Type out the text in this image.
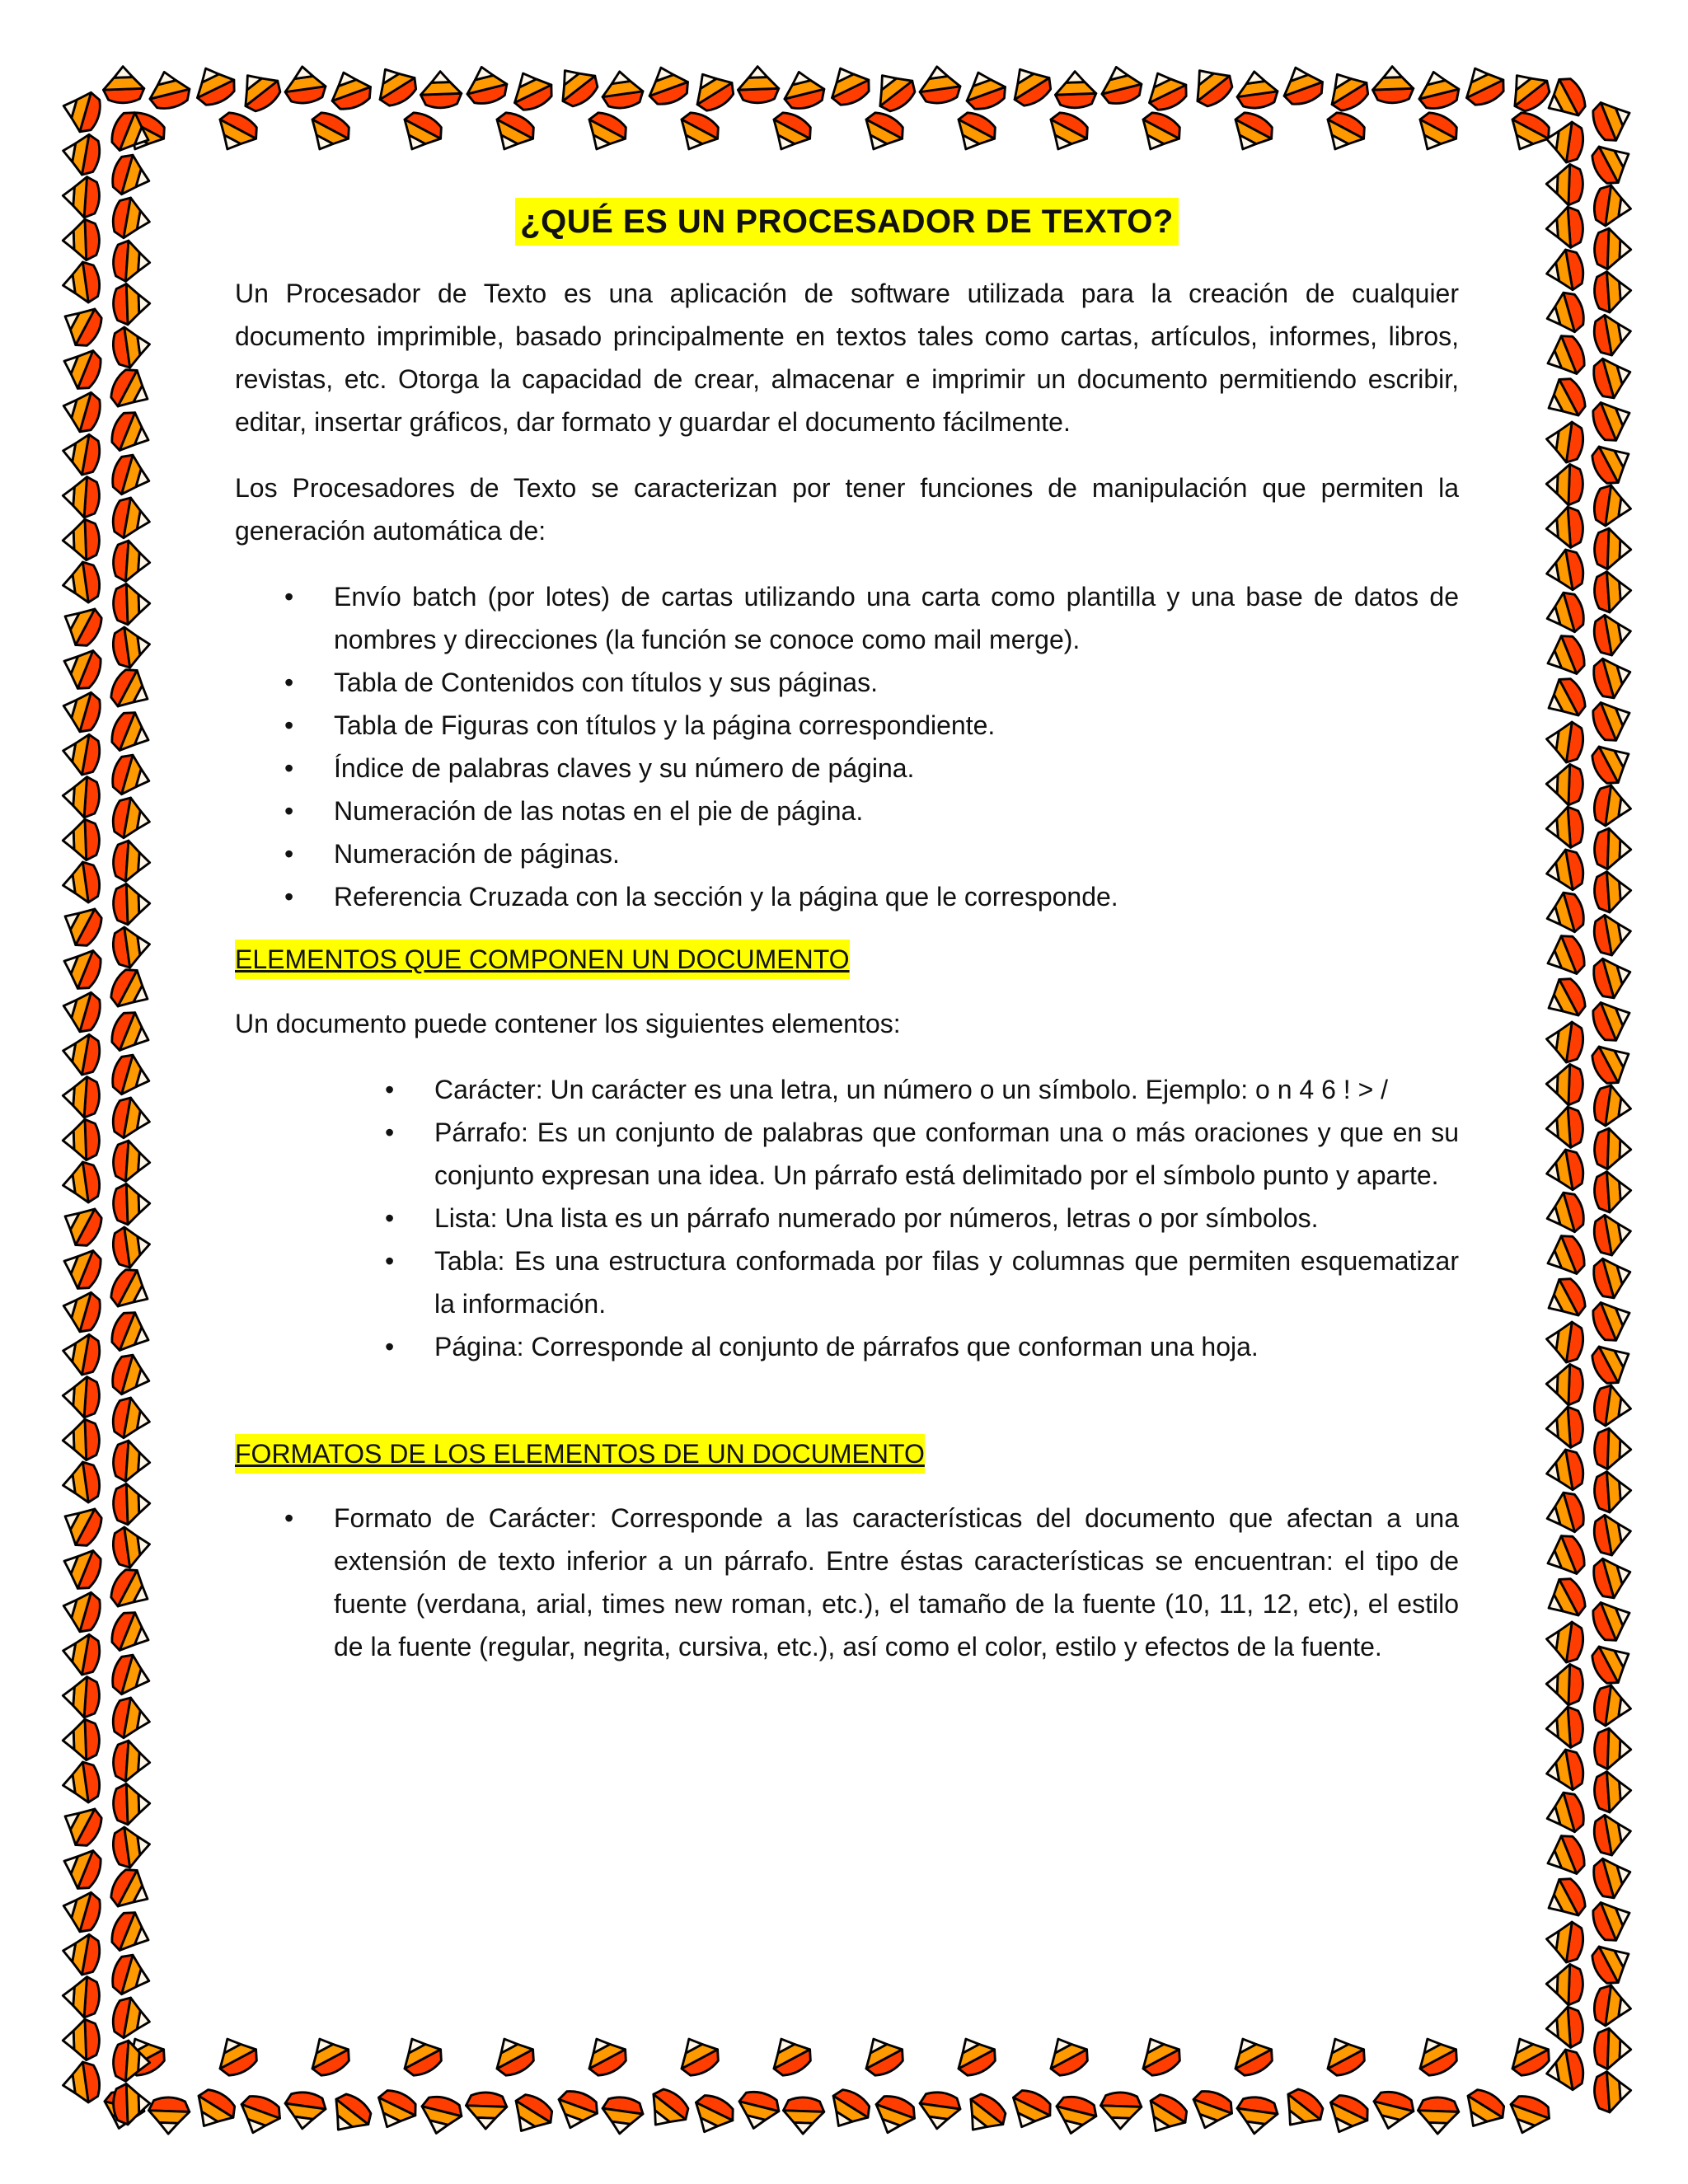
¿QUÉ ES UN PROCESADOR DE TEXTO?

Un Procesador de Texto es una aplicación de software utilizada para la creación de cualquier documento imprimible, basado principalmente en textos tales como cartas, artículos, informes, libros, revistas, etc. Otorga la capacidad de crear, almacenar e imprimir un documento permitiendo escribir, editar, insertar gráficos, dar formato y guardar el documento fácilmente.

Los Procesadores de Texto se caracterizan por tener funciones de manipulación que permiten la generación automática de:

• Envío batch (por lotes) de cartas utilizando una carta como plantilla y una base de datos de nombres y direcciones (la función se conoce como mail merge).
• Tabla de Contenidos con títulos y sus páginas.
• Tabla de Figuras con títulos y la página correspondiente.
• Índice de palabras claves y su número de página.
• Numeración de las notas en el pie de página.
• Numeración de páginas.
• Referencia Cruzada con la sección y la página que le corresponde.
ELEMENTOS QUE COMPONEN UN DOCUMENTO

Un documento puede contener los siguientes elementos:

• Carácter: Un carácter es una letra, un número o un símbolo. Ejemplo: o n 4 6 ! > /
• Párrafo: Es un conjunto de palabras que conforman una o más oraciones y que en su conjunto expresan una idea. Un párrafo está delimitado por el símbolo punto y aparte.
• Lista: Una lista es un párrafo numerado por números, letras o por símbolos.
• Tabla: Es una estructura conformada por filas y columnas que permiten esquematizar la información.
• Página: Corresponde al conjunto de párrafos que conforman una hoja.
FORMATOS DE LOS ELEMENTOS DE UN DOCUMENTO
• Formato de Carácter: Corresponde a las características del documento que afectan a una extensión de texto inferior a un párrafo. Entre éstas características se encuentran: el tipo de fuente (verdana, arial, times new roman, etc.), el tamaño de la fuente (10, 11, 12, etc), el estilo de la fuente (regular, negrita, cursiva, etc.), así como el color, estilo y efectos de la fuente.
